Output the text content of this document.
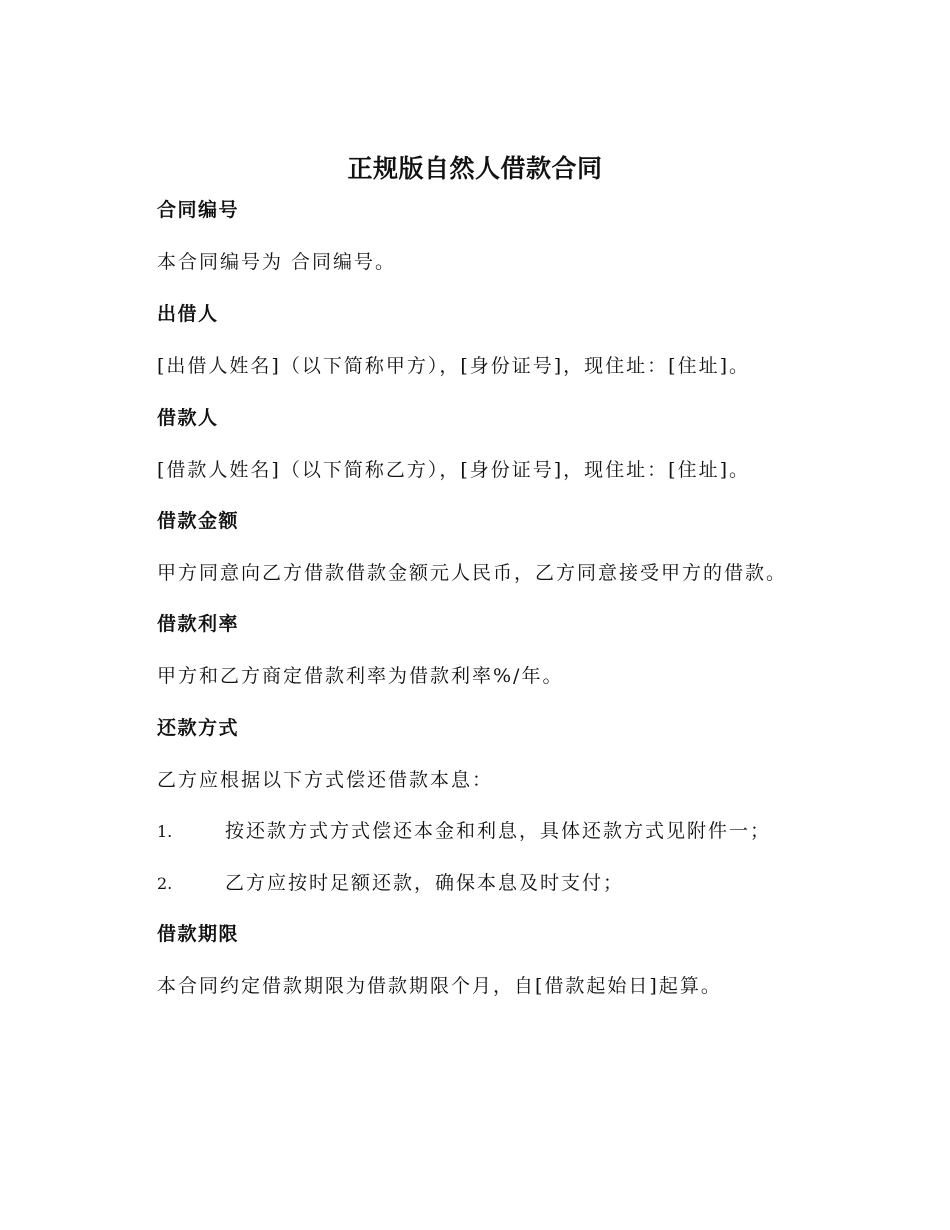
正规版自然人借款合同
合同编号
本合同编号为 合同编号。
出借人
[出借人姓名]（以下简称甲方），[身份证号]，现住址：[住址]。
借款人
[借款人姓名]（以下简称乙方），[身份证号]，现住址：[住址]。
借款金额
甲方同意向乙方借款借款金额元人民币，乙方同意接受甲方的借款。
借款利率
甲方和乙方商定借款利率为借款利率%/年。
还款方式
乙方应根据以下方式偿还借款本息：
1.	按还款方式方式偿还本金和利息，具体还款方式见附件一；
2.	乙方应按时足额还款，确保本息及时支付；
借款期限
本合同约定借款期限为借款期限个月，自[借款起始日]起算。
